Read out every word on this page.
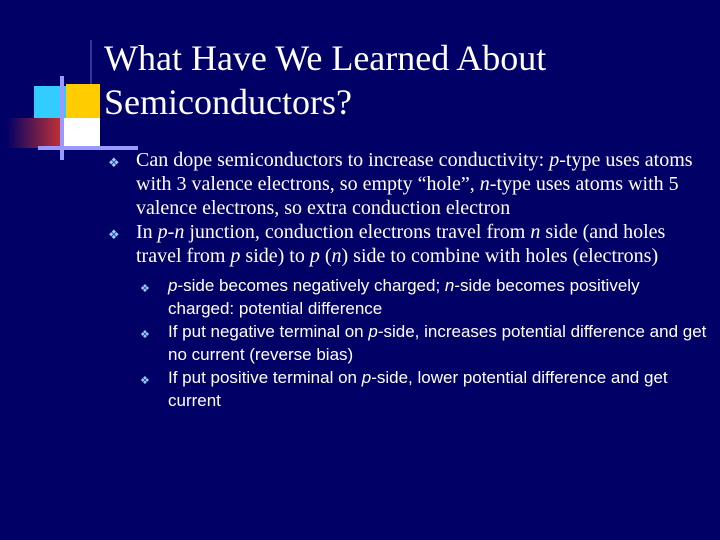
What Have We Learned About
Semiconductors?
❖ Can dope semiconductors to increase conductivity: p-type uses atoms with 3 valence electrons, so empty “hole”, n-type uses atoms with 5 valence electrons, so extra conduction electron
❖ In p-n junction, conduction electrons travel from n side (and holes travel from p side) to p (n) side to combine with holes (electrons)
❖ p-side becomes negatively charged; n-side becomes positively charged: potential difference
❖ If put negative terminal on p-side, increases potential difference and get no current (reverse bias)
❖ If put positive terminal on p-side, lower potential difference and get current
